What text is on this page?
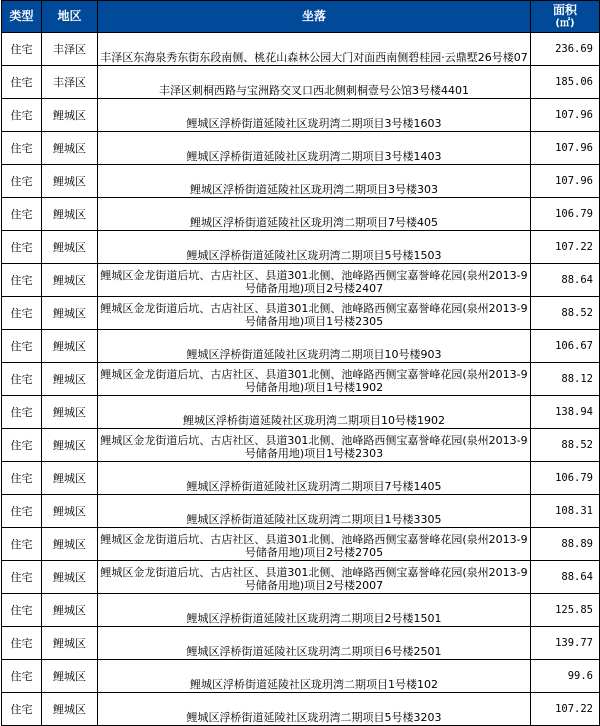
类型	地区	坐落	面积
(㎡)

住宅	丰泽区	丰泽区东海泉秀东街东段南侧、桃花山森林公园大门对面西南侧碧桂园·云鼎墅26号楼07	236.69
住宅	丰泽区	丰泽区刺桐西路与宝洲路交叉口西北侧刺桐壹号公馆3号楼4401	185.06
住宅	鲤城区	鲤城区浮桥街道延陵社区珑玥湾二期项目3号楼1603	107.96
住宅	鲤城区	鲤城区浮桥街道延陵社区珑玥湾二期项目3号楼1403	107.96
住宅	鲤城区	鲤城区浮桥街道延陵社区珑玥湾二期项目3号楼303	107.96
住宅	鲤城区	鲤城区浮桥街道延陵社区珑玥湾二期项目7号楼405	106.79
住宅	鲤城区	鲤城区浮桥街道延陵社区珑玥湾二期项目5号楼1503	107.22
住宅	鲤城区	鲤城区金龙街道后坑、古店社区、县道301北侧、池峰路西侧宝嘉誉峰花园(泉州2013-9号储备用地)项目2号楼2407	88.64
住宅	鲤城区	鲤城区金龙街道后坑、古店社区、县道301北侧、池峰路西侧宝嘉誉峰花园(泉州2013-9号储备用地)项目1号楼2305	88.52
住宅	鲤城区	鲤城区浮桥街道延陵社区珑玥湾二期项目10号楼903	106.67
住宅	鲤城区	鲤城区金龙街道后坑、古店社区、县道301北侧、池峰路西侧宝嘉誉峰花园(泉州2013-9号储备用地)项目1号楼1902	88.12
住宅	鲤城区	鲤城区浮桥街道延陵社区珑玥湾二期项目10号楼1902	138.94
住宅	鲤城区	鲤城区金龙街道后坑、古店社区、县道301北侧、池峰路西侧宝嘉誉峰花园(泉州2013-9号储备用地)项目1号楼2303	88.52
住宅	鲤城区	鲤城区浮桥街道延陵社区珑玥湾二期项目7号楼1405	106.79
住宅	鲤城区	鲤城区浮桥街道延陵社区珑玥湾二期项目1号楼3305	108.31
住宅	鲤城区	鲤城区金龙街道后坑、古店社区、县道301北侧、池峰路西侧宝嘉誉峰花园(泉州2013-9号储备用地)项目2号楼2705	88.89
住宅	鲤城区	鲤城区金龙街道后坑、古店社区、县道301北侧、池峰路西侧宝嘉誉峰花园(泉州2013-9号储备用地)项目2号楼2007	88.64
住宅	鲤城区	鲤城区浮桥街道延陵社区珑玥湾二期项目2号楼1501	125.85
住宅	鲤城区	鲤城区浮桥街道延陵社区珑玥湾二期项目6号楼2501	139.77
住宅	鲤城区	鲤城区浮桥街道延陵社区珑玥湾二期项目1号楼102	99.6
住宅	鲤城区	鲤城区浮桥街道延陵社区珑玥湾二期项目5号楼3203	107.22
